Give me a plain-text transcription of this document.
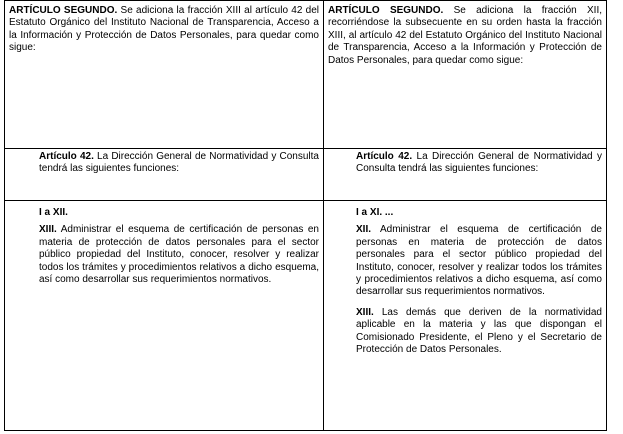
ARTÍCULO SEGUNDO. Se adiciona la fracción XIII al artículo 42 del Estatuto Orgánico del Instituto Nacional de Transparencia, Acceso a la Información y Protección de Datos Personales, para quedar como sigue:

ARTÍCULO SEGUNDO. Se adiciona la fracción XII, recorriéndose la subsecuente en su orden hasta la fracción XIII, al artículo 42 del Estatuto Orgánico del Instituto Nacional de Transparencia, Acceso a la Información y Protección de Datos Personales, para quedar como sigue:

Artículo 42. La Dirección General de Normatividad y Consulta tendrá las siguientes funciones:

Artículo 42. La Dirección General de Normatividad y Consulta tendrá las siguientes funciones:

I a XII.

XIII. Administrar el esquema de certificación de personas en materia de protección de datos personales para el sector público propiedad del Instituto, conocer, resolver y realizar todos los trámites y procedimientos relativos a dicho esquema, así como desarrollar sus requerimientos normativos.

I a XI. ...

XII. Administrar el esquema de certificación de personas en materia de protección de datos personales para el sector público propiedad del Instituto, conocer, resolver y realizar todos los trámites y procedimientos relativos a dicho esquema, así como desarrollar sus requerimientos normativos.

XIII. Las demás que deriven de la normatividad aplicable en la materia y las que dispongan el Comisionado Presidente, el Pleno y el Secretario de Protección de Datos Personales.
